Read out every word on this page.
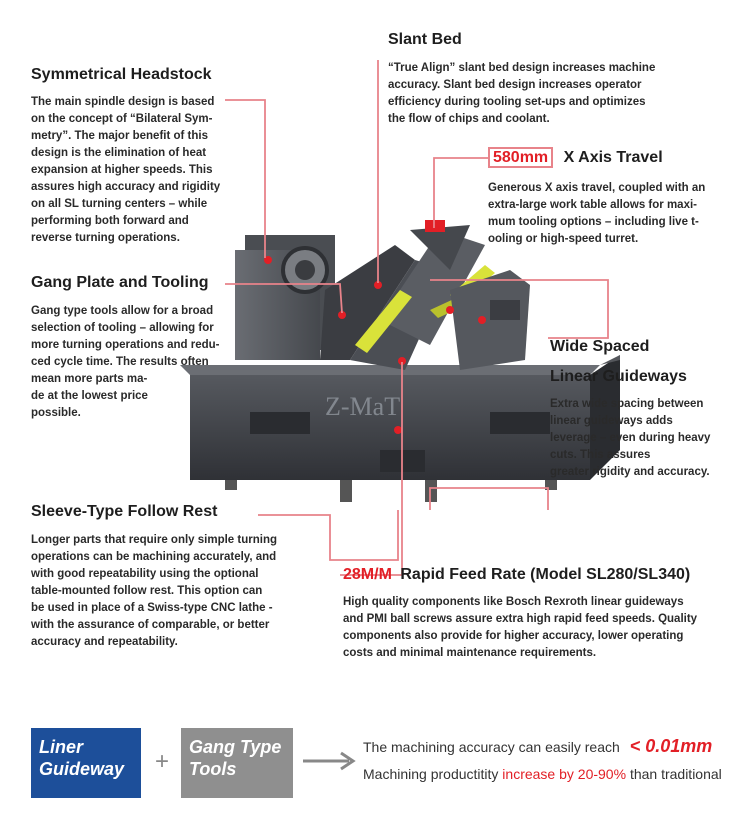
Z-MaT
Symmetrical Headstock
The main spindle design is based
on the concept of “Bilateral Sym-
metry”. The major benefit of this
design is the elimination of heat
expansion at higher speeds. This
assures high accuracy and rigidity
on all SL turning centers – while
performing both forward and
reverse turning operations.
Gang Plate and Tooling
Gang type tools allow for a broad
selection of tooling – allowing for
more turning operations and redu-
ced cycle time. The results often
mean more parts ma-
de at the lowest price
possible.
Sleeve-Type Follow Rest
Longer parts that require only simple turning
operations can be machining accurately, and
with good repeatability using the optional
table-mounted follow rest. This option can
be used in place of a Swiss-type CNC lathe -
with the assurance of comparable, or better
accuracy and repeatability.
Slant Bed
“True Align” slant bed design increases machine
accuracy. Slant bed design increases operator
efficiency during tooling set-ups and optimizes
the flow of chips and coolant.
580mm X Axis Travel
Generous X axis travel, coupled with an
extra-large work table allows for maxi-
mum tooling options – including live t-
ooling or high-speed turret.
Wide Spaced
Linear Guideways
Extra wide spacing between
linear guideways adds
leverage – even during heavy
cuts. This assures
greater rigidity and accuracy.
28M/M Rapid Feed Rate (Model SL280/SL340)
High quality components like Bosch Rexroth linear guideways
and PMI ball screws assure extra high rapid feed speeds. Quality
components also provide for higher accuracy, lower operating
costs and minimal maintenance requirements.
Liner
Guideway	+
Gang Type
Tools
The machining accuracy can easily reach < 0.01mm
Machining productitity increase by 20-90% than traditional
